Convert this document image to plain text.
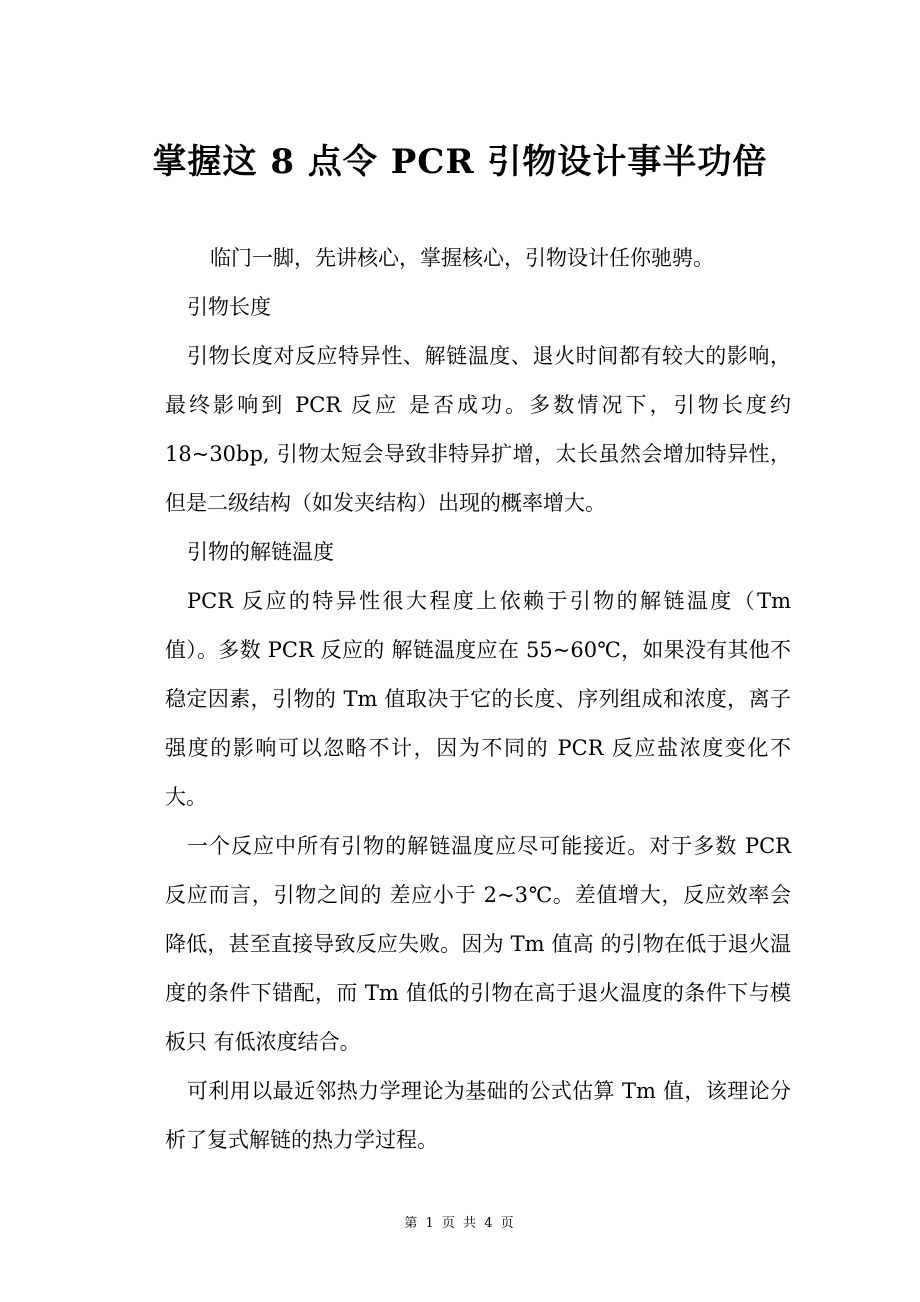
掌握这 8 点令 PCR 引物设计事半功倍

临门一脚，先讲核心，掌握核心，引物设计任你驰骋。

引物长度

引物长度对反应特异性、解链温度、退火时间都有较大的影响，最终影响到 PCR 反应 是否成功。多数情况下，引物长度约 18~30bp, 引物太短会导致非特异扩增，太长虽然会增加特异性，但是二级结构（如发夹结构）出现的概率增大。

引物的解链温度

PCR 反应的特异性很大程度上依赖于引物的解链温度（Tm 值）。多数 PCR 反应的 解链温度应在 55~60℃，如果没有其他不稳定因素，引物的 Tm 值取决于它的长度、序列组成和浓度，离子强度的影响可以忽略不计，因为不同的 PCR 反应盐浓度变化不大。

一个反应中所有引物的解链温度应尽可能接近。对于多数 PCR 反应而言，引物之间的 差应小于 2~3℃。差值增大，反应效率会降低，甚至直接导致反应失败。因为 Tm 值高 的引物在低于退火温度的条件下错配，而 Tm 值低的引物在高于退火温度的条件下与模板只 有低浓度结合。

可利用以最近邻热力学理论为基础的公式估算 Tm 值，该理论分析了复式解链的热力学过程。

第 1 页 共 4 页
